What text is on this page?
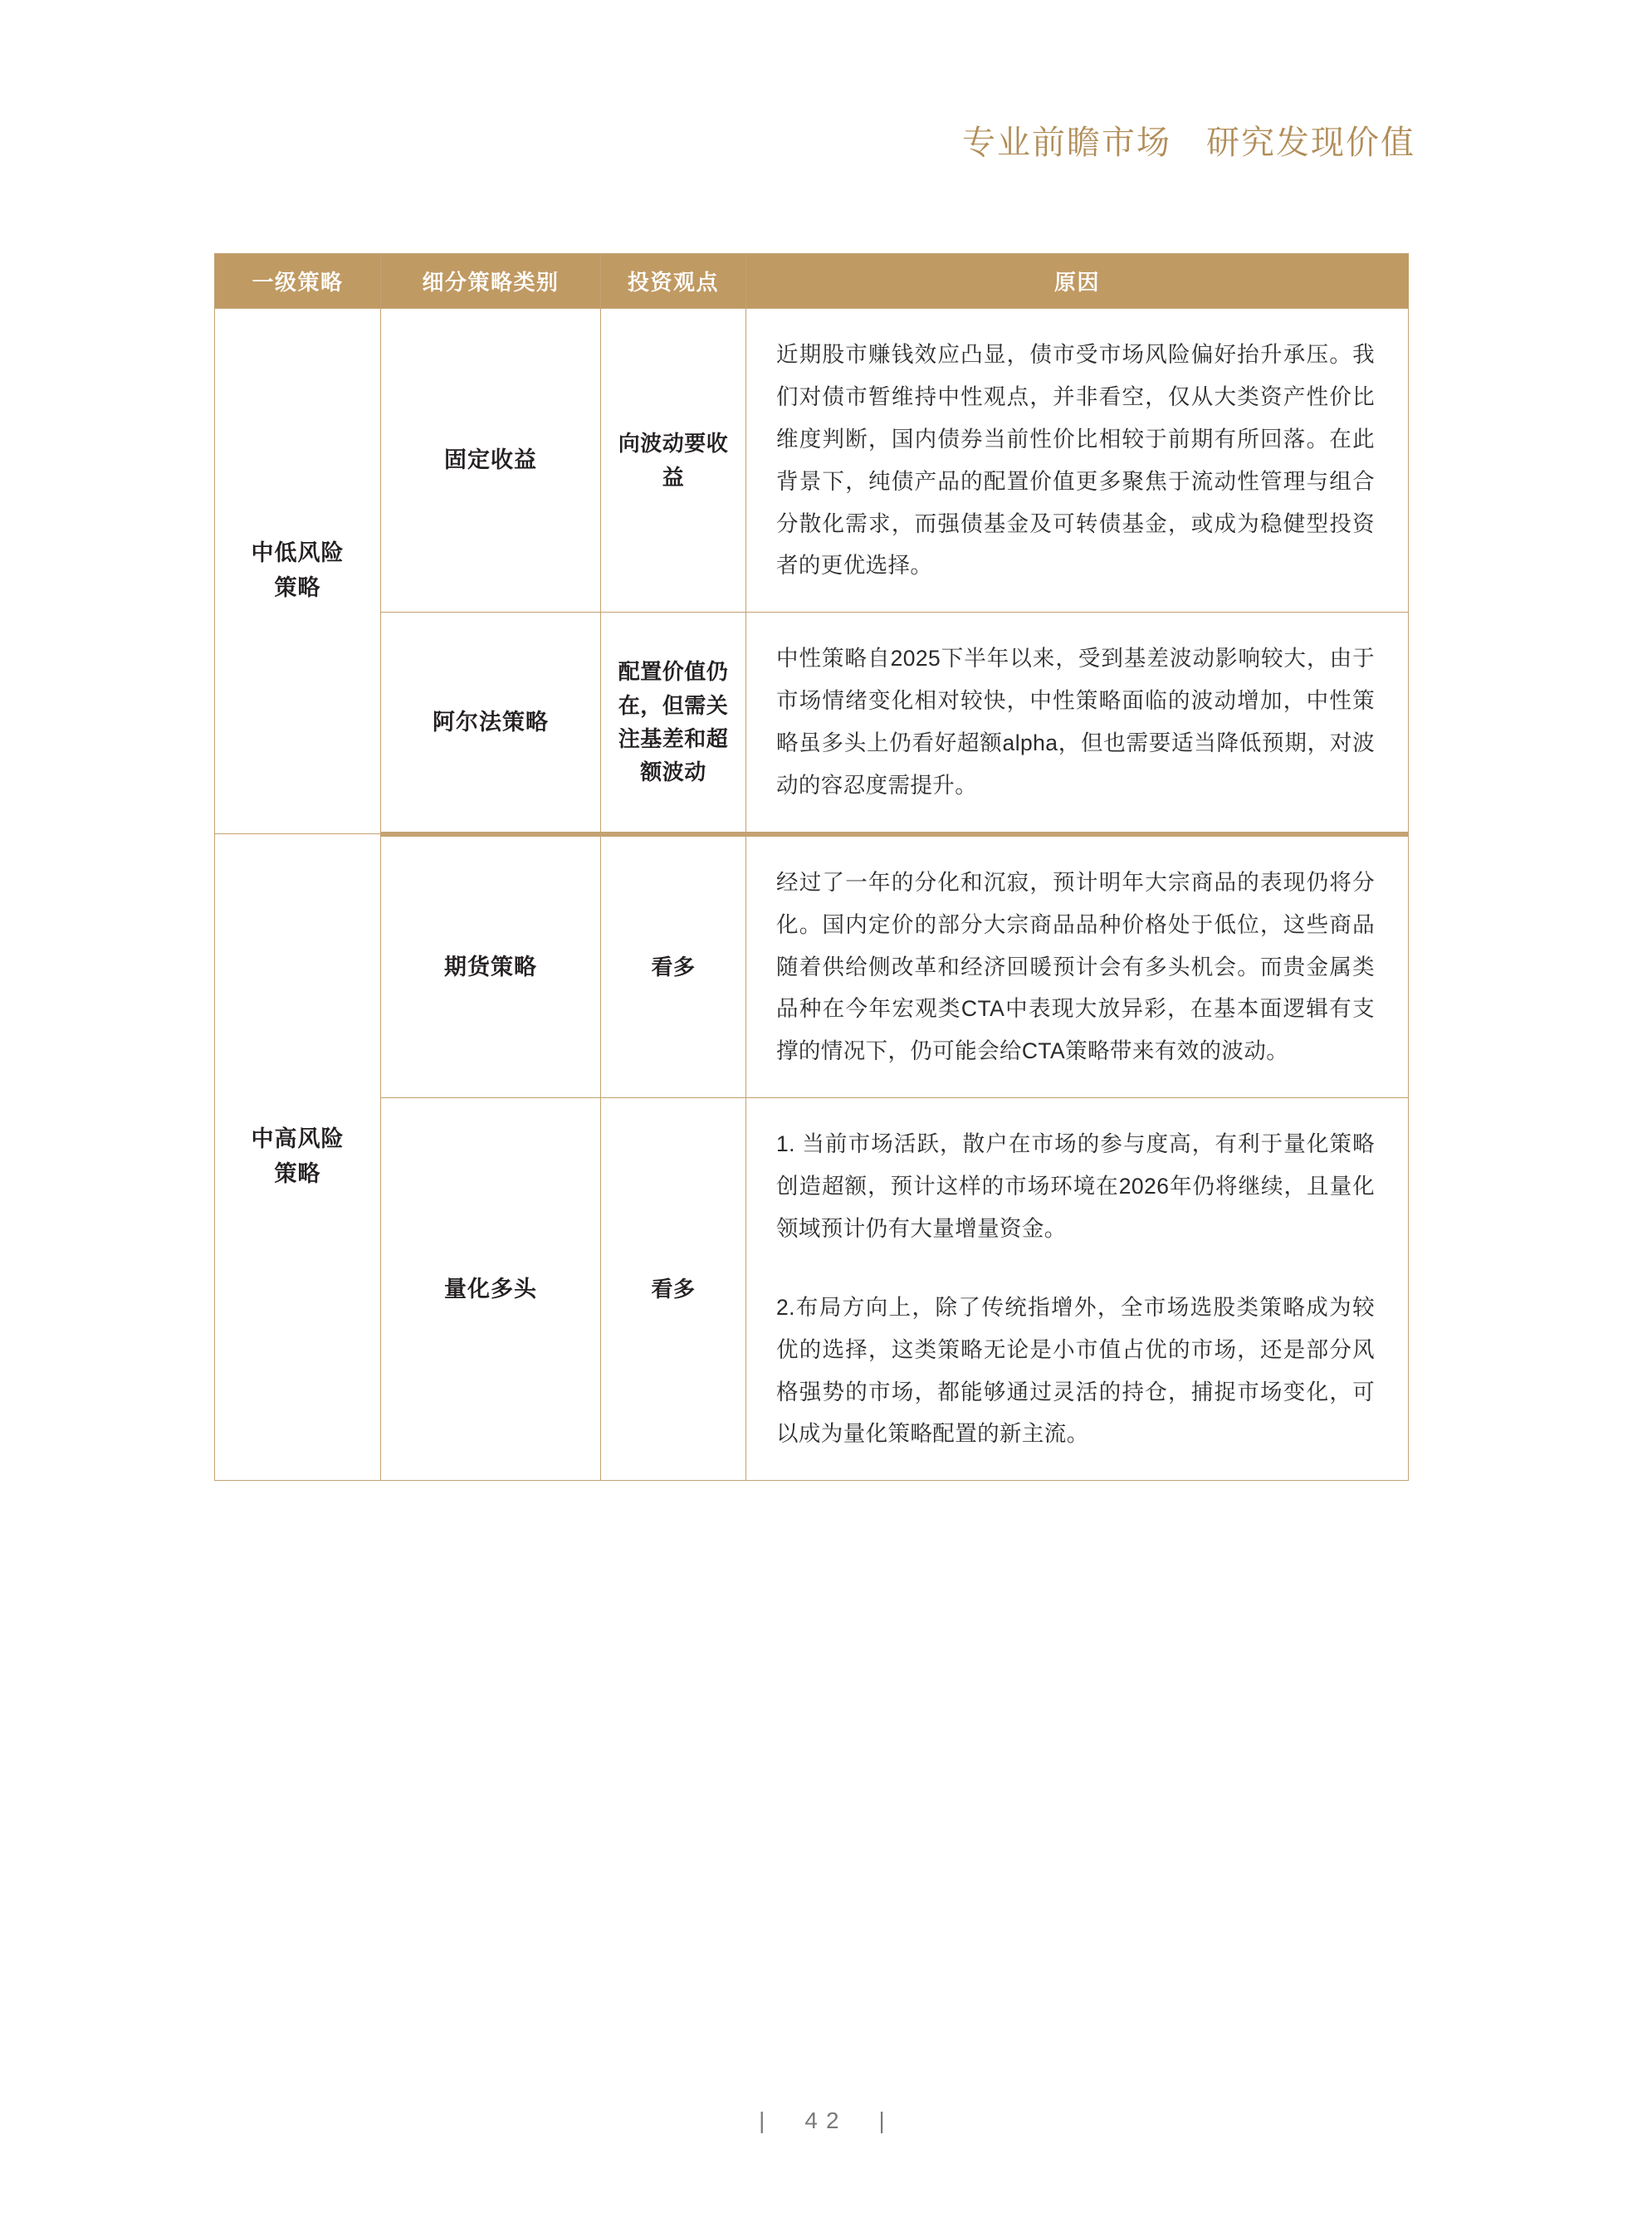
专业前瞻市场　研究发现价值
一级策略	细分策略类别	投资观点	原因
中低风险
策略	固定收益	向波动要收益	近期股市赚钱效应凸显，债市受市场风险偏好抬升承压。我们对债市暂维持中性观点，并非看空，仅从大类资产性价比维度判断，国内债券当前性价比相较于前期有所回落。在此背景下，纯债产品的配置价值更多聚焦于流动性管理与组合分散化需求，而强债基金及可转债基金，或成为稳健型投资者的更优选择。

	阿尔法策略	配置价值仍在，但需关注基差和超额波动	中性策略自2025下半年以来，受到基差波动影响较大，由于市场情绪变化相对较快，中性策略面临的波动增加，中性策略虽多头上仍看好超额alpha，但也需要适当降低预期，对波动的容忍度需提升。

中高风险
策略	期货策略	看多	经过了一年的分化和沉寂，预计明年大宗商品的表现仍将分化。国内定价的部分大宗商品品种价格处于低位，这些商品随着供给侧改革和经济回暖预计会有多头机会。而贵金属类品种在今年宏观类CTA中表现大放异彩，在基本面逻辑有支撑的情况下，仍可能会给CTA策略带来有效的波动。

	量化多头	看多	1. 当前市场活跃，散户在市场的参与度高，有利于量化策略创造超额，预计这样的市场环境在2026年仍将继续，且量化领域预计仍有大量增量资金。

2.布局方向上，除了传统指增外，全市场选股类策略成为较优的选择，这类策略无论是小市值占优的市场，还是部分风格强势的市场，都能够通过灵活的持仓，捕捉市场变化，可以成为量化策略配置的新主流。

|　42　|
